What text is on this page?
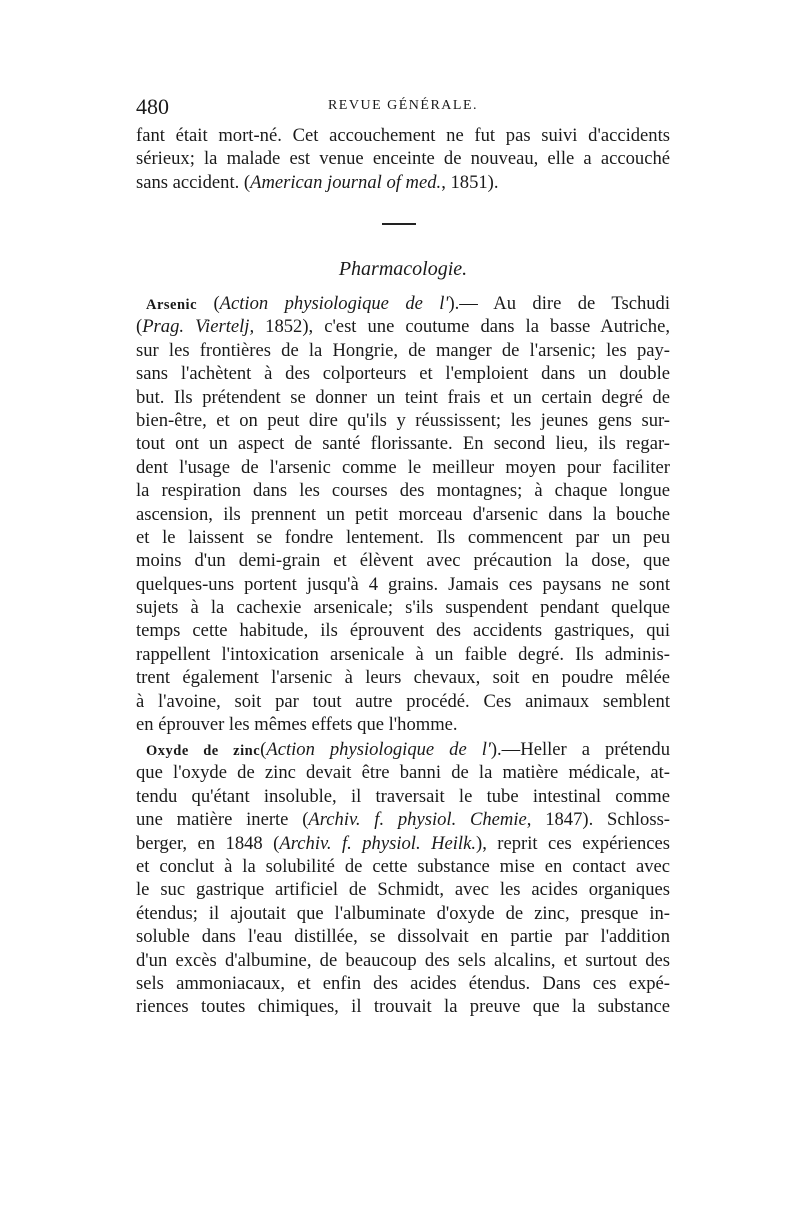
480	REVUE GÉNÉRALE.
fant était mort-né. Cet accouchement ne fut pas suivi d'accidents
sérieux; la malade est venue enceinte de nouveau, elle a accouché
sans accident. (American journal of med., 1851).
Pharmacologie.
Arsenic (Action physiologique de l').— Au dire de Tschudi
(Prag. Viertelj, 1852), c'est une coutume dans la basse Autriche,
sur les frontières de la Hongrie, de manger de l'arsenic; les pay-
sans l'achètent à des colporteurs et l'emploient dans un double
but. Ils prétendent se donner un teint frais et un certain degré de
bien-être, et on peut dire qu'ils y réussissent; les jeunes gens sur-
tout ont un aspect de santé florissante. En second lieu, ils regar-
dent l'usage de l'arsenic comme le meilleur moyen pour faciliter
la respiration dans les courses des montagnes; à chaque longue
ascension, ils prennent un petit morceau d'arsenic dans la bouche
et le laissent se fondre lentement. Ils commencent par un peu
moins d'un demi-grain et élèvent avec précaution la dose, que
quelques-uns portent jusqu'à 4 grains. Jamais ces paysans ne sont
sujets à la cachexie arsenicale; s'ils suspendent pendant quelque
temps cette habitude, ils éprouvent des accidents gastriques, qui
rappellent l'intoxication arsenicale à un faible degré. Ils adminis-
trent également l'arsenic à leurs chevaux, soit en poudre mêlée
à l'avoine, soit par tout autre procédé. Ces animaux semblent
en éprouver les mêmes effets que l'homme.
Oxyde de zinc(Action physiologique de l').—Heller a prétendu
que l'oxyde de zinc devait être banni de la matière médicale, at-
tendu qu'étant insoluble, il traversait le tube intestinal comme
une matière inerte (Archiv. f. physiol. Chemie, 1847). Schloss-
berger, en 1848 (Archiv. f. physiol. Heilk.), reprit ces expériences
et conclut à la solubilité de cette substance mise en contact avec
le suc gastrique artificiel de Schmidt, avec les acides organiques
étendus; il ajoutait que l'albuminate d'oxyde de zinc, presque in-
soluble dans l'eau distillée, se dissolvait en partie par l'addition
d'un excès d'albumine, de beaucoup des sels alcalins, et surtout des
sels ammoniacaux, et enfin des acides étendus. Dans ces expé-
riences toutes chimiques, il trouvait la preuve que la substance
